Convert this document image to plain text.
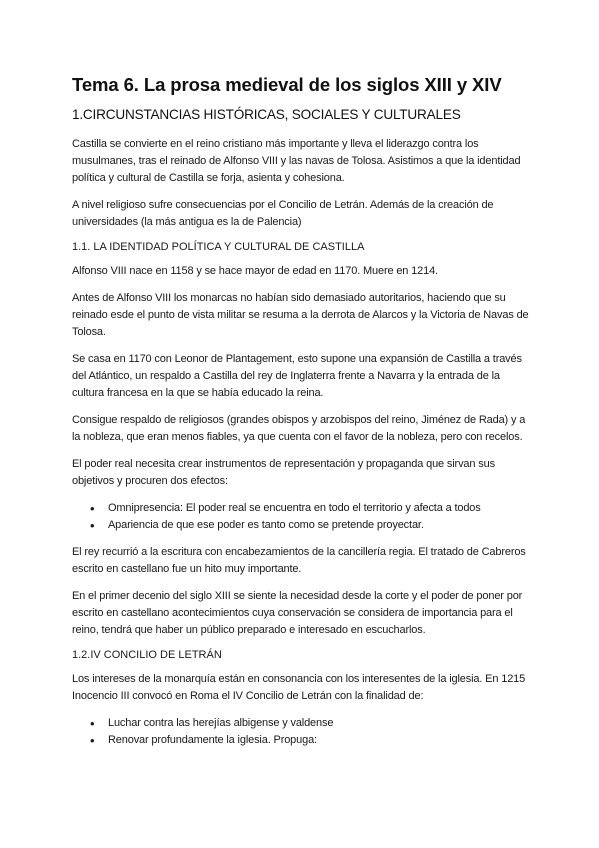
Tema 6. La prosa medieval de los siglos XIII y XIV
1.CIRCUNSTANCIAS HISTÓRICAS, SOCIALES Y CULTURALES

Castilla se convierte en el reino cristiano más importante y lleva el liderazgo contra los musulmanes, tras el reinado de Alfonso VIII y las navas de Tolosa. Asistimos a que la identidad política y cultural de Castilla se forja, asienta y cohesiona.

A nivel religioso sufre consecuencias por el Concilio de Letrán. Además de la creación de universidades (la más antigua es la de Palencia)

1.1. LA IDENTIDAD POLÍTICA Y CULTURAL DE CASTILLA

Alfonso VIII nace en 1158 y se hace mayor de edad en 1170. Muere en 1214.

Antes de Alfonso VIII los monarcas no habían sido demasiado autoritarios, haciendo que su reinado esde el punto de vista militar se resuma a la derrota de Alarcos y la Victoria de Navas de Tolosa.

Se casa en 1170 con Leonor de Plantagement, esto supone una expansión de Castilla a través del Atlántico, un respaldo a Castilla del rey de Inglaterra frente a Navarra y la entrada de la cultura francesa en la que se había educado la reina.

Consigue respaldo de religiosos (grandes obispos y arzobispos del reino, Jiménez de Rada) y a la nobleza, que eran menos fiables, ya que cuenta con el favor de la nobleza, pero con recelos.

El poder real necesita crear instrumentos de representación y propaganda que sirvan sus objetivos y procuren dos efectos:

• Omnipresencia: El poder real se encuentra en todo el territorio y afecta a todos
• Apariencia de que ese poder es tanto como se pretende proyectar.

El rey recurrió a la escritura con encabezamientos de la cancillería regia. El tratado de Cabreros escrito en castellano fue un hito muy importante.

En el primer decenio del siglo XIII se siente la necesidad desde la corte y el poder de poner por escrito en castellano acontecimientos cuya conservación se considera de importancia para el reino, tendrá que haber un público preparado e interesado en escucharlos.

1.2.IV CONCILIO DE LETRÁN

Los intereses de la monarquía están en consonancia con los interesentes de la iglesia. En 1215 Inocencio III convocó en Roma el IV Concilio de Letrán con la finalidad de:

• Luchar contra las herejías albigense y valdense
• Renovar profundamente la iglesia. Propuga:
